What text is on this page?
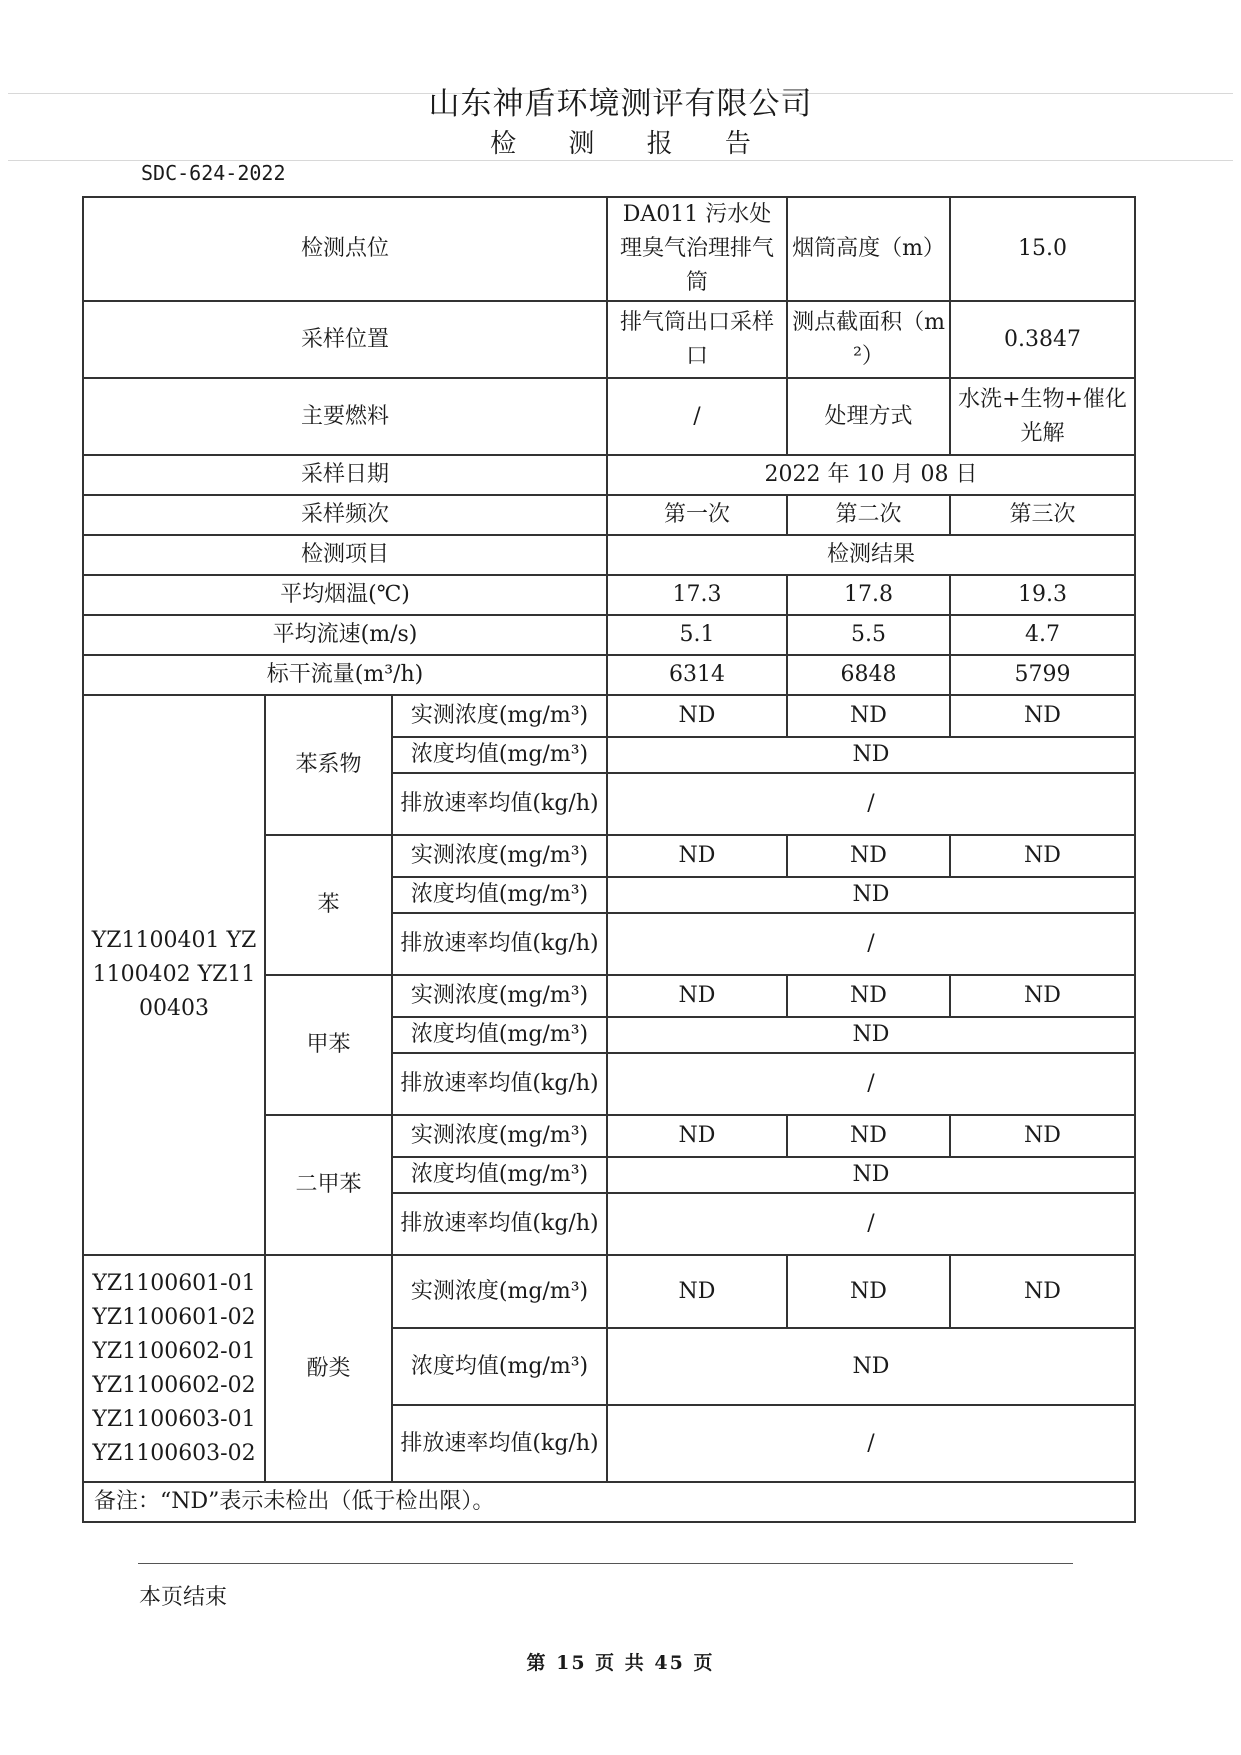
山东神盾环境测评有限公司
检 测 报 告
SDC-624-2022
检测点位			DA011 污水处理臭气治理排气筒	烟筒高度（m）	15.0
采样位置			排气筒出口采样口	测点截面积（m²）	0.3847
主要燃料			/	处理方式	水洗+生物+催化光解
采样日期			2022 年 10 月 08 日		
采样频次			第一次	第二次	第三次
检测项目			检测结果		
平均烟温(℃)			17.3	17.8	19.3
平均流速(m/s)			5.1	5.5	4.7
标干流量(m³/h)			6314	6848	5799
YZ1100401 YZ1100402 YZ1100403	苯系物	实测浓度(mg/m³)	ND	ND	ND
		浓度均值(mg/m³)	ND		
		排放速率均值(kg/h)	/		
	苯	实测浓度(mg/m³)	ND	ND	ND
		浓度均值(mg/m³)	ND		
		排放速率均值(kg/h)	/		
	甲苯	实测浓度(mg/m³)	ND	ND	ND
		浓度均值(mg/m³)	ND		
		排放速率均值(kg/h)	/		
	二甲苯	实测浓度(mg/m³)	ND	ND	ND
		浓度均值(mg/m³)	ND		
		排放速率均值(kg/h)	/		
YZ1100601-01 YZ1100601-02 YZ1100602-01 YZ1100602-02 YZ1100603-01 YZ1100603-02	酚类	实测浓度(mg/m³)	ND	ND	ND
		浓度均值(mg/m³)	ND		
		排放速率均值(kg/h)	/		
备注：“ND”表示未检出（低于检出限）。					
本页结束
第 15 页 共 45 页
